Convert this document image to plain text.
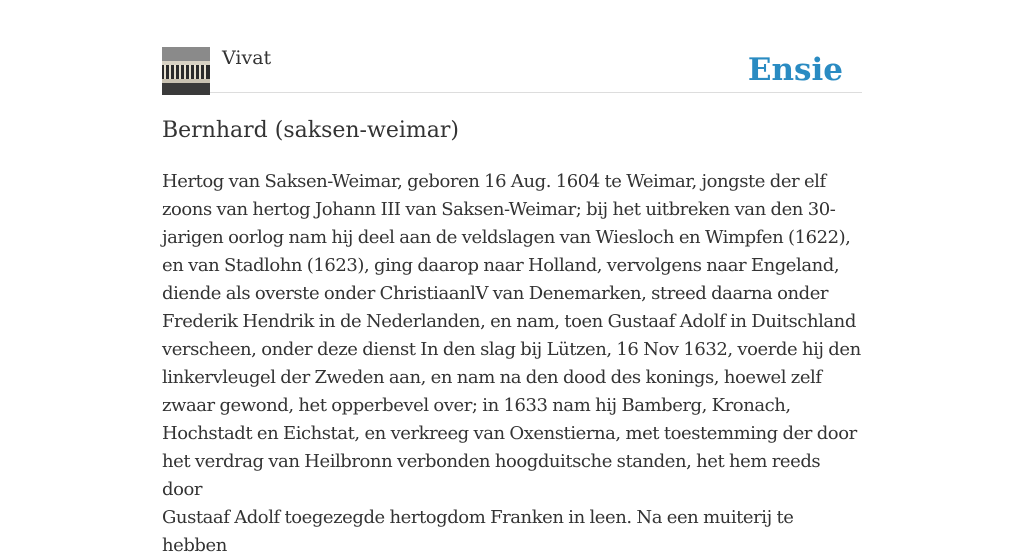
Vivat	Ensie
Bernhard (saksen-weimar)

Hertog van Saksen-Weimar, geboren 16 Aug. 1604 te Weimar, jongste der elf
zoons van hertog Johann III van Saksen-Weimar; bij het uitbreken van den 30-
jarigen oorlog nam hij deel aan de veldslagen van Wiesloch en Wimpfen (1622),
en van Stadlohn (1623), ging daarop naar Holland, vervolgens naar Engeland,
diende als overste onder ChristiaanlV van Denemarken, streed daarna onder
Frederik Hendrik in de Nederlanden, en nam, toen Gustaaf Adolf in Duitschland
verscheen, onder deze dienst In den slag bij Lützen, 16 Nov 1632, voerde hij den
linkervleugel der Zweden aan, en nam na den dood des konings, hoewel zelf
zwaar gewond, het opperbevel over; in 1633 nam hij Bamberg, Kronach,
Hochstadt en Eichstat, en verkreeg van Oxenstierna, met toestemming der door
het verdrag van Heilbronn verbonden hoogduitsche standen, het hem reeds door
Gustaaf Adolf toegezegde hertogdom Franken in leen. Na een muiterij te hebben
